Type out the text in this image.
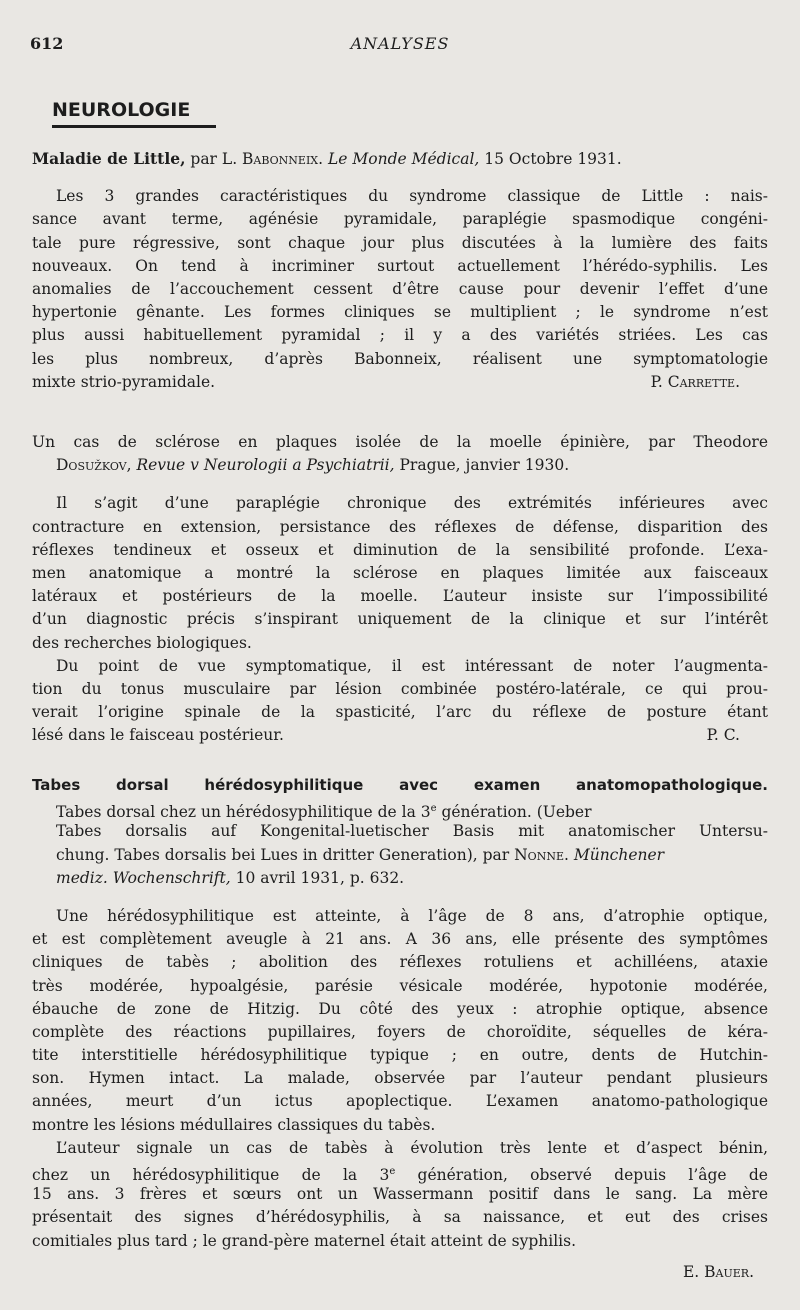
612	ANALYSES
NEUROLOGIE
Maladie de Little, par L. Babonneix. Le Monde Médical, 15 Octobre 1931.
Les 3 grandes caractéristiques du syndrome classique de Little : nais-
sance avant terme, agénésie pyramidale, paraplégie spasmodique congéni-
tale pure régressive, sont chaque jour plus discutées à la lumière des faits
nouveaux. On tend à incriminer surtout actuellement l’hérédo-syphilis. Les
anomalies de l’accouchement cessent d’être cause pour devenir l’effet d’une
hypertonie gênante. Les formes cliniques se multiplient ; le syndrome n’est
plus aussi habituellement pyramidal ; il y a des variétés striées. Les cas
les plus nombreux, d’après Babonneix, réalisent une symptomatologie
mixte strio-pyramidale.	P. Carrette.
Un cas de sclérose en plaques isolée de la moelle épinière, par Theodore
Dosužkov, Revue v Neurologii a Psychiatrii, Prague, janvier 1930.
Il s’agit d’une paraplégie chronique des extrémités inférieures avec
contracture en extension, persistance des réflexes de défense, disparition des
réflexes tendineux et osseux et diminution de la sensibilité profonde. L’exa-
men anatomique a montré la sclérose en plaques limitée aux faisceaux
latéraux et postérieurs de la moelle. L’auteur insiste sur l’impossibilité
d’un diagnostic précis s’inspirant uniquement de la clinique et sur l’intérêt
des recherches biologiques.
Du point de vue symptomatique, il est intéressant de noter l’augmenta-
tion du tonus musculaire par lésion combinée postéro-latérale, ce qui prou-
verait l’origine spinale de la spasticité, l’arc du réflexe de posture étant
lésé dans le faisceau postérieur.	P. C.
Tabes dorsal hérédosyphilitique avec examen anatomopathologique.
Tabes dorsal chez un hérédosyphilitique de la 3e génération. (Ueber
Tabes dorsalis auf Kongenital-luetischer Basis mit anatomischer Untersu-
chung. Tabes dorsalis bei Lues in dritter Generation), par Nonne. Münchener
mediz. Wochenschrift, 10 avril 1931, p. 632.
Une hérédosyphilitique est atteinte, à l’âge de 8 ans, d’atrophie optique,
et est complètement aveugle à 21 ans. A 36 ans, elle présente des symptômes
cliniques de tabès ; abolition des réflexes rotuliens et achilléens, ataxie
très modérée, hypoalgésie, parésie vésicale modérée, hypotonie modérée,
ébauche de zone de Hitzig. Du côté des yeux : atrophie optique, absence
complète des réactions pupillaires, foyers de choroïdite, séquelles de kéra-
tite interstitielle hérédosyphilitique typique ; en outre, dents de Hutchin-
son. Hymen intact. La malade, observée par l’auteur pendant plusieurs
années, meurt d’un ictus apoplectique. L’examen anatomo-pathologique
montre les lésions médullaires classiques du tabès.
L’auteur signale un cas de tabès à évolution très lente et d’aspect bénin,
chez un hérédosyphilitique de la 3e génération, observé depuis l’âge de
15 ans. 3 frères et sœurs ont un Wassermann positif dans le sang. La mère
présentait des signes d’hérédosyphilis, à sa naissance, et eut des crises
comitiales plus tard ; le grand-père maternel était atteint de syphilis.
E. Bauer.
